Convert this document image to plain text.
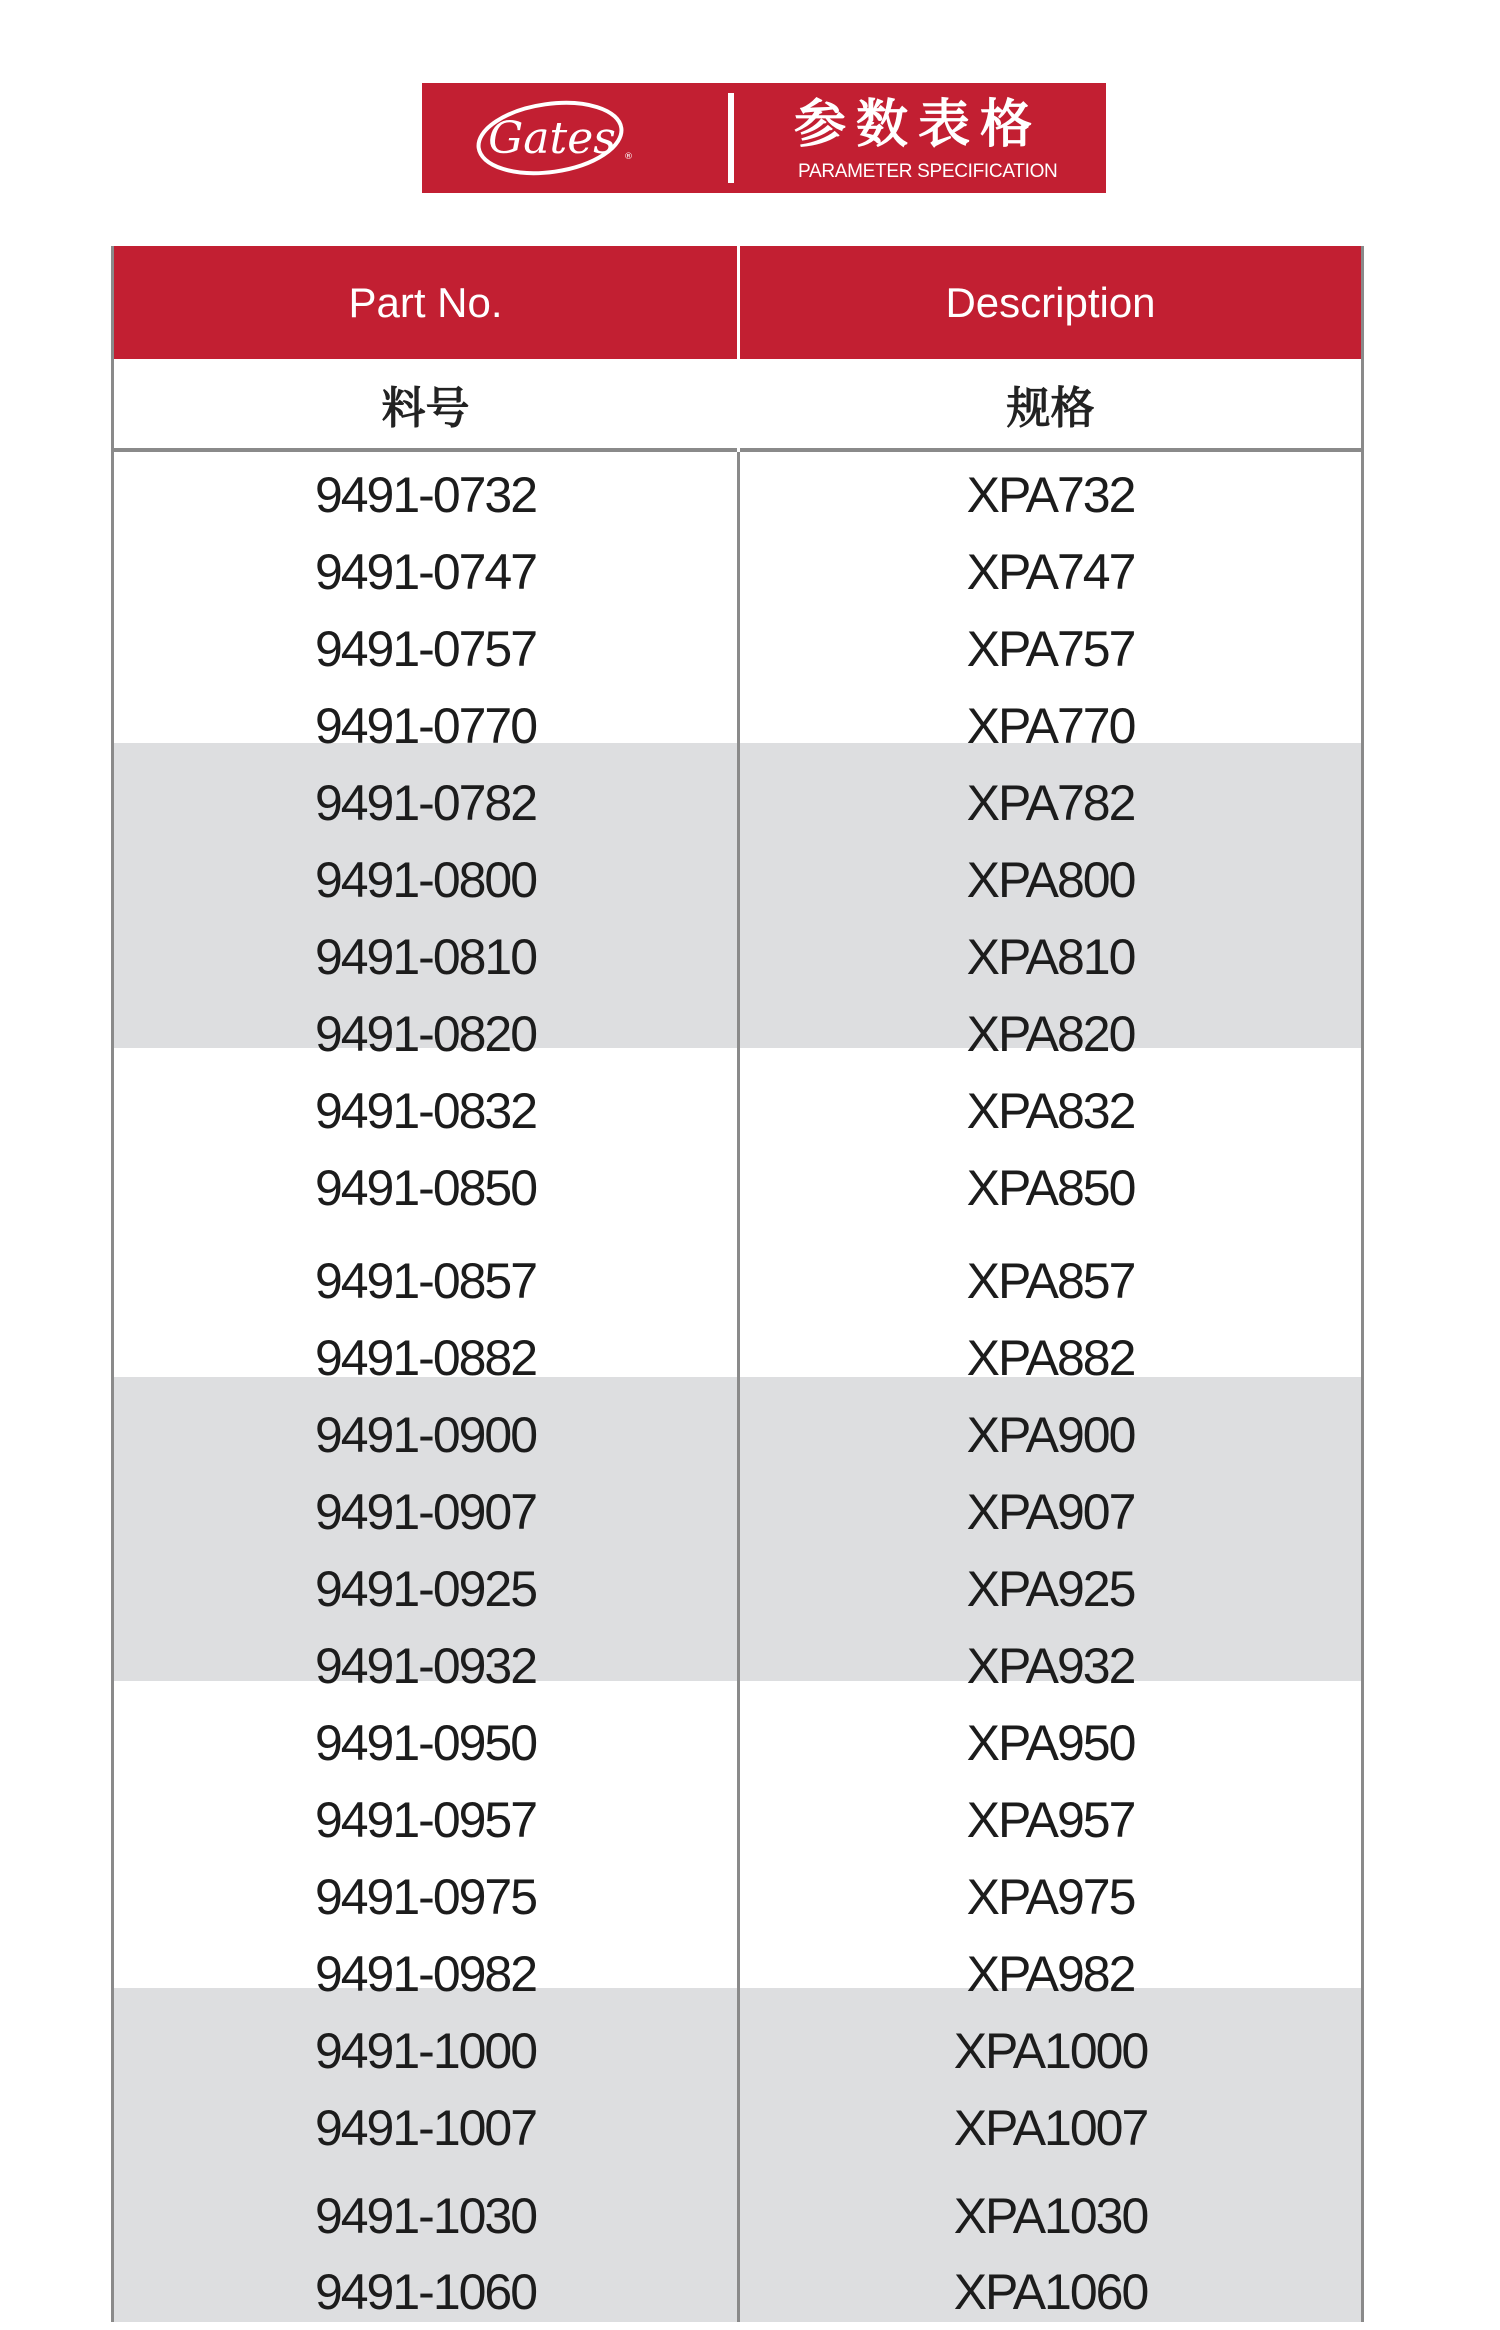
Gates ®
参数表格
PARAMETER SPECIFICATION
Part No.	Description
料号	规格
9491-0732	XPA732
9491-0747	XPA747
9491-0757	XPA757
9491-0770	XPA770
9491-0782	XPA782
9491-0800	XPA800
9491-0810	XPA810
9491-0820	XPA820
9491-0832	XPA832
9491-0850	XPA850
9491-0857	XPA857
9491-0882	XPA882
9491-0900	XPA900
9491-0907	XPA907
9491-0925	XPA925
9491-0932	XPA932
9491-0950	XPA950
9491-0957	XPA957
9491-0975	XPA975
9491-0982	XPA982
9491-1000	XPA1000
9491-1007	XPA1007
9491-1030	XPA1030
9491-1060	XPA1060
